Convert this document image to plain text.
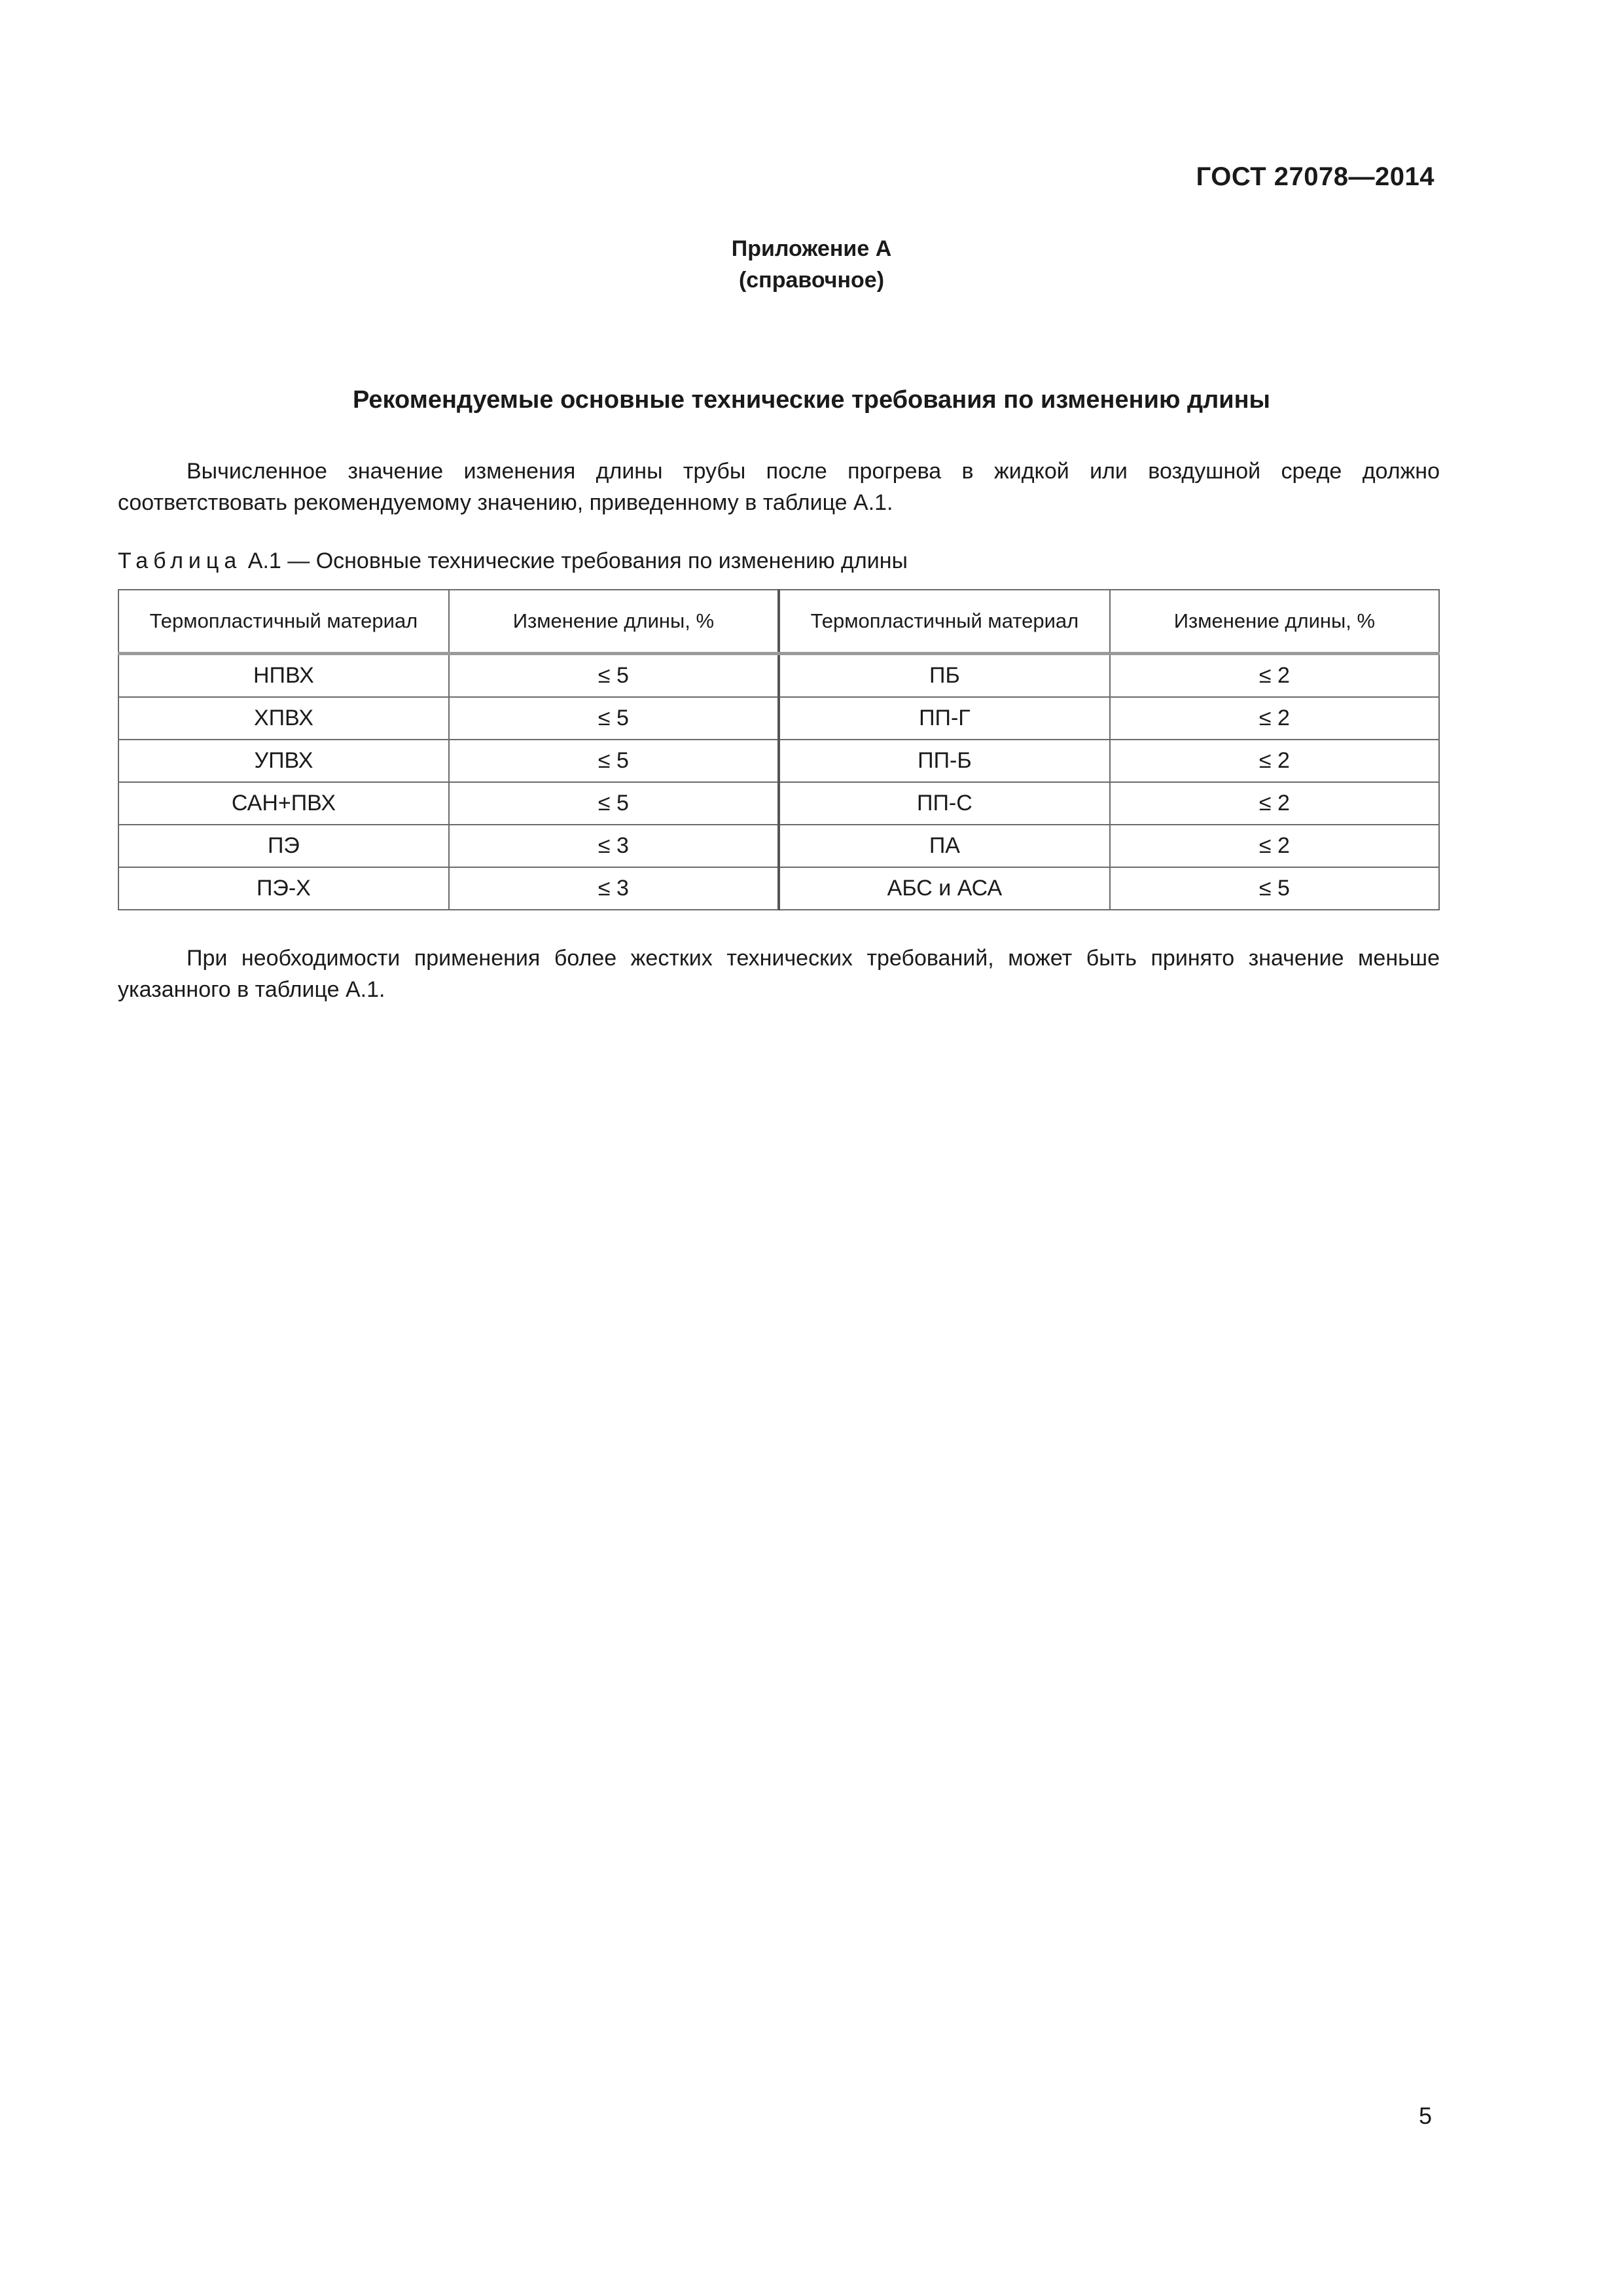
ГОСТ 27078—2014
Приложение А
(справочное)
Рекомендуемые основные технические требования по изменению длины
Вычисленное значение изменения длины трубы после прогрева в жидкой или воздушной среде должно соответствовать рекомендуемому значению, приведенному в таблице А.1.
Таблица А.1 — Основные технические требования по изменению длины
Термопластичный материал	Изменение длины, %	Термопластичный материал	Изменение длины, %
НПВХ	≤ 5	ПБ	≤ 2
ХПВХ	≤ 5	ПП-Г	≤ 2
УПВХ	≤ 5	ПП-Б	≤ 2
САН+ПВХ	≤ 5	ПП-С	≤ 2
ПЭ	≤ 3	ПА	≤ 2
ПЭ-Х	≤ 3	АБС и АСА	≤ 5
При необходимости применения более жестких технических требований, может быть принято значение меньше указанного в таблице А.1.
5
